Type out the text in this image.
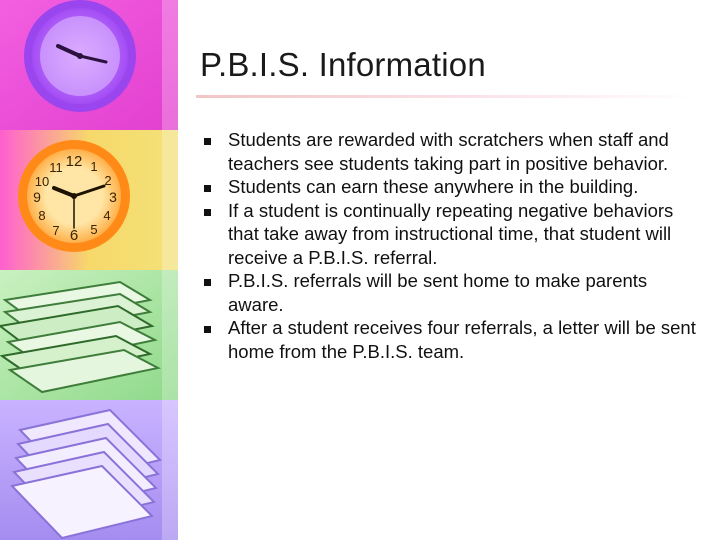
12 1
2
3
4
5
6
7
8
9
10
11
P.B.I.S. Information
Students are rewarded with scratchers when staff and teachers see students taking part in positive behavior.
Students can earn these anywhere in the building.
If a student is continually repeating negative behaviors that take away from instructional time, that student will receive a P.B.I.S. referral.
P.B.I.S. referrals will be sent home to make parents aware.
After a student receives four referrals, a letter will be sent home from the P.B.I.S. team.
